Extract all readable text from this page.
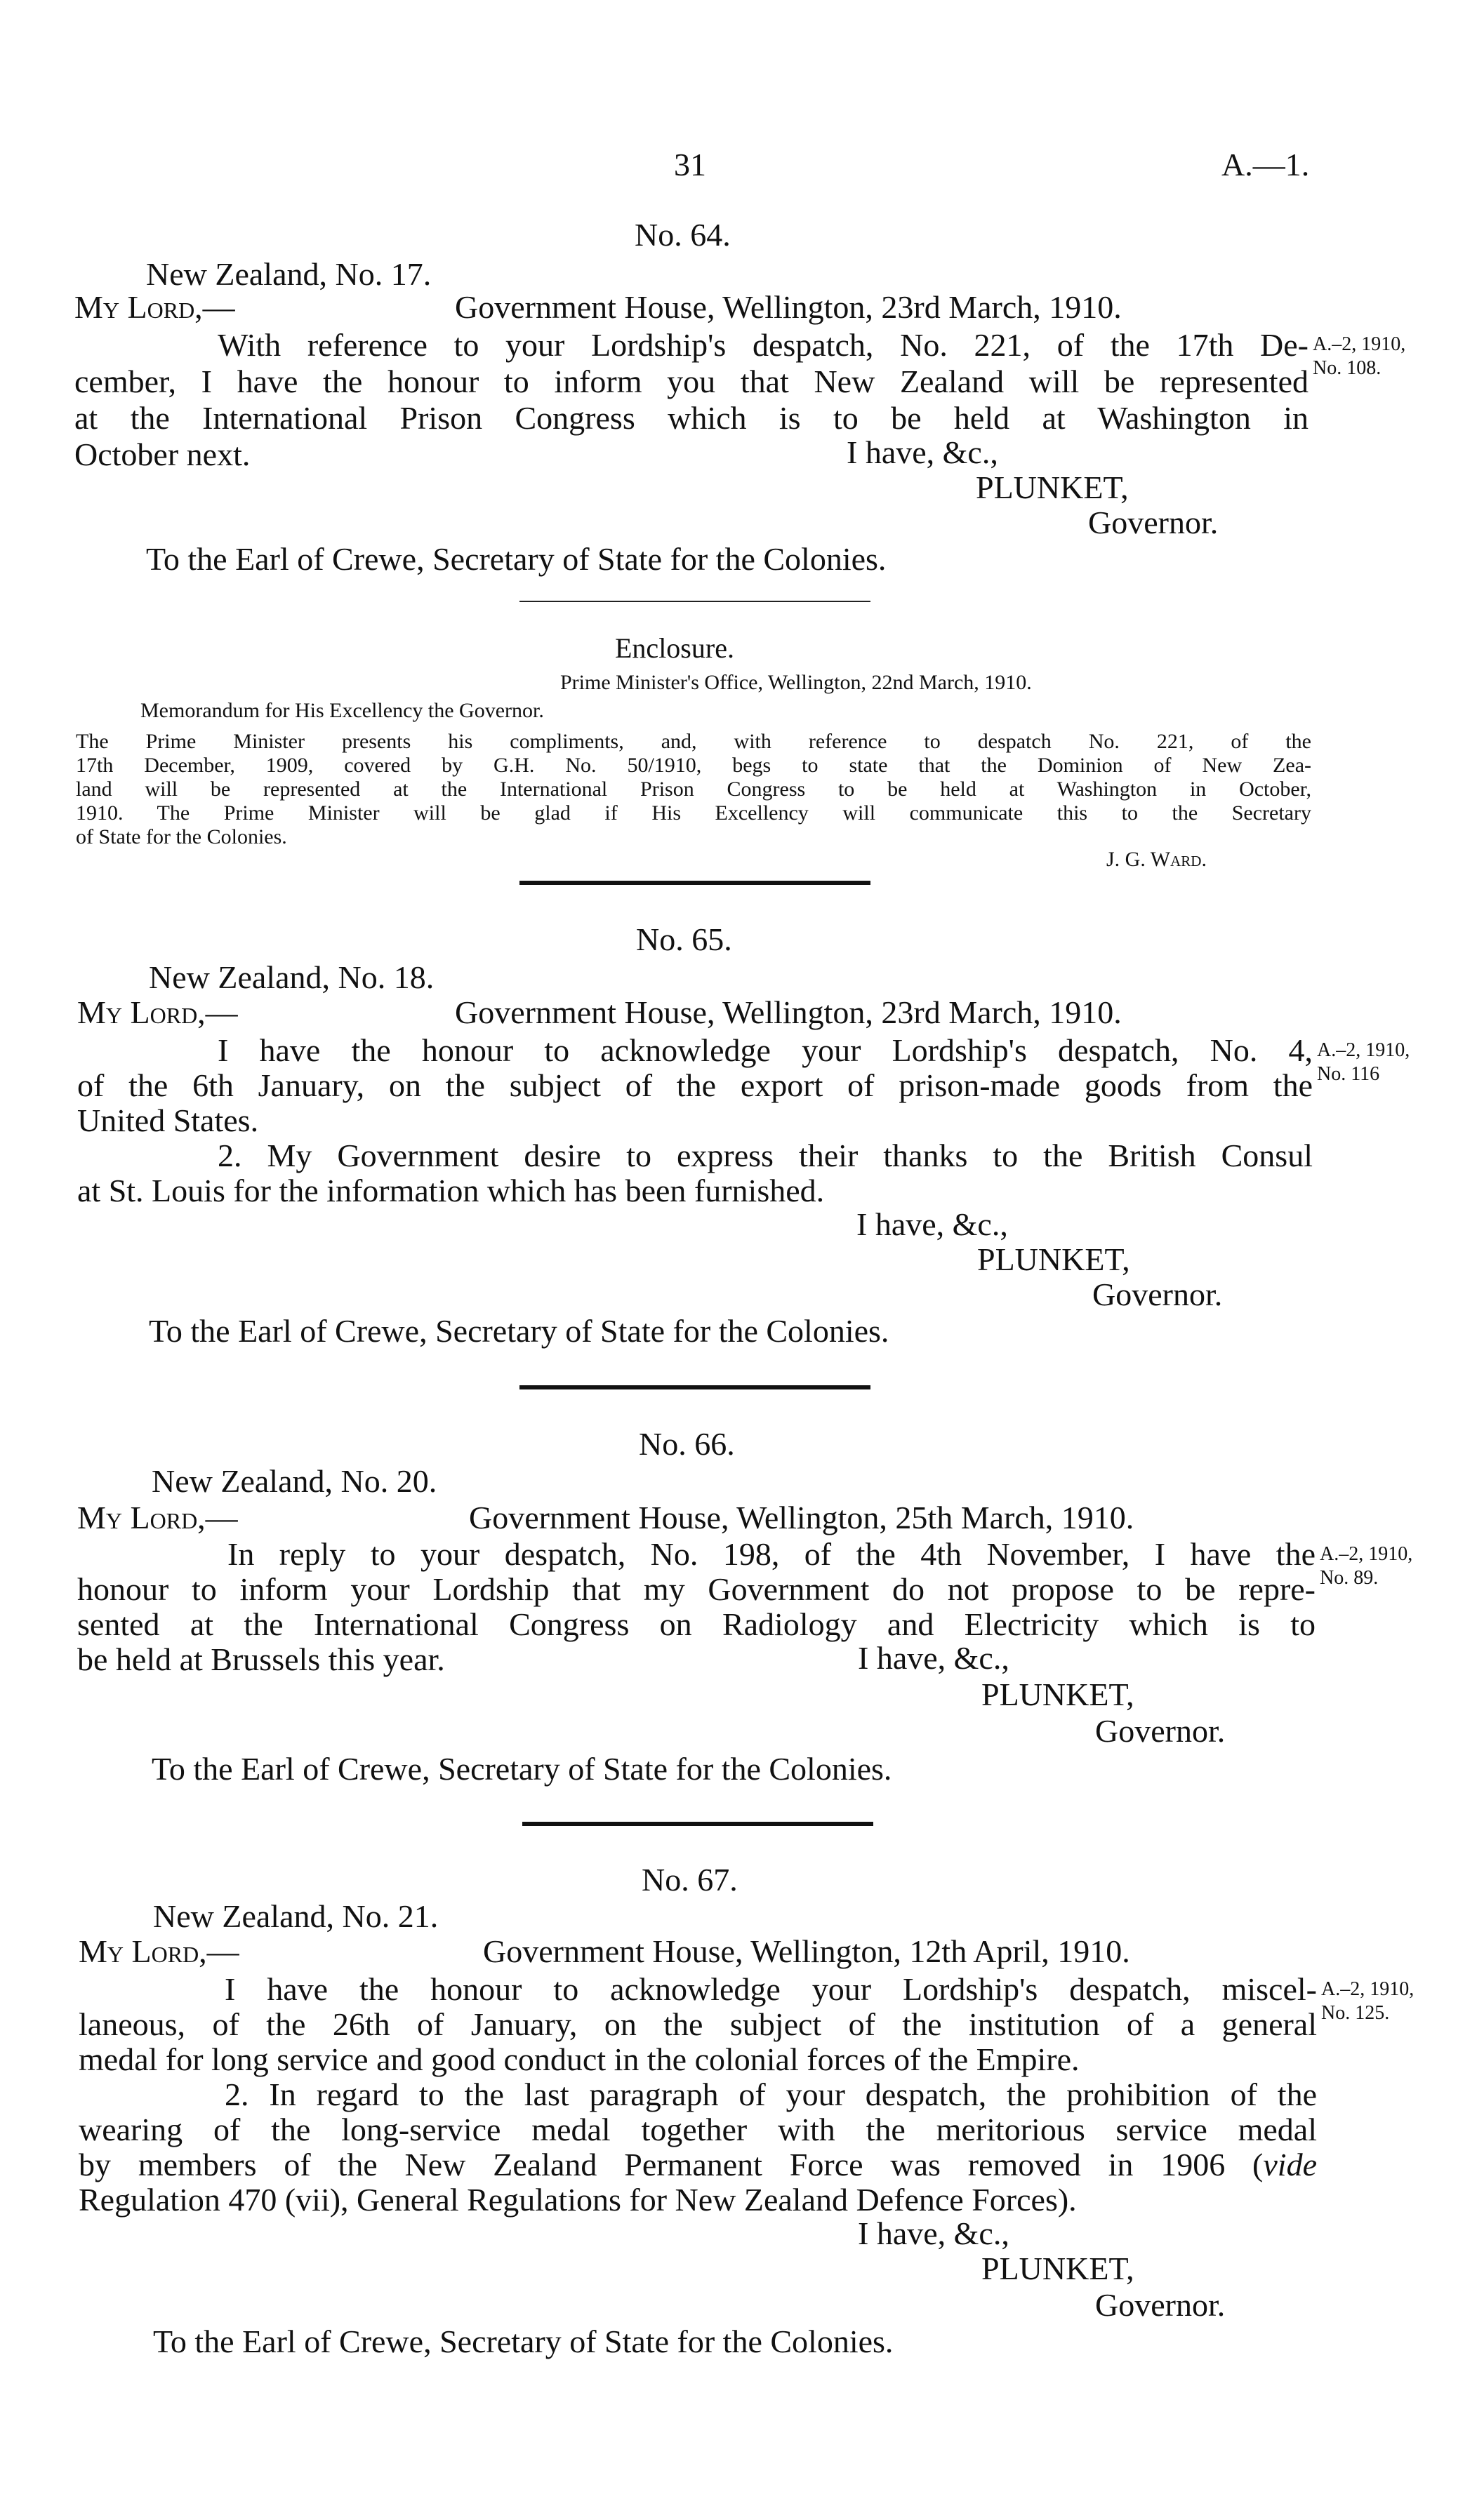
31	A.—1.
No. 64.
New Zealand, No. 17.
My Lord,—	Government House, Wellington, 23rd March, 1910.
With reference to your Lordship's despatch, No. 221, of the 17th De-
cember, I have the honour to inform you that New Zealand will be represented
at the International Prison Congress which is to be held at Washington in
October next.	I have, &c.,
PLUNKET,
Governor.
To the Earl of Crewe, Secretary of State for the Colonies.
A.–2, 1910,
No. 108.
Enclosure.
Prime Minister's Office, Wellington, 22nd March, 1910.
Memorandum for His Excellency the Governor.
The Prime Minister presents his compliments, and, with reference to despatch No. 221, of the
17th December, 1909, covered by G.H. No. 50/1910, begs to state that the Dominion of New Zea-
land will be represented at the International Prison Congress to be held at Washington in October,
1910. The Prime Minister will be glad if His Excellency will communicate this to the Secretary
of State for the Colonies.
J. G. Ward.
No. 65.
New Zealand, No. 18.
My Lord,—	Government House, Wellington, 23rd March, 1910.
I have the honour to acknowledge your Lordship's despatch, No. 4,
of the 6th January, on the subject of the export of prison-made goods from the
United States.
2. My Government desire to express their thanks to the British Consul
at St. Louis for the information which has been furnished.
I have, &c.,
PLUNKET,
Governor.
To the Earl of Crewe, Secretary of State for the Colonies.
A.–2, 1910,
No. 116
No. 66.
New Zealand, No. 20.
My Lord,—	Government House, Wellington, 25th March, 1910.
In reply to your despatch, No. 198, of the 4th November, I have the
honour to inform your Lordship that my Government do not propose to be repre-
sented at the International Congress on Radiology and Electricity which is to
be held at Brussels this year.	I have, &c.,
PLUNKET,
Governor.
To the Earl of Crewe, Secretary of State for the Colonies.
A.–2, 1910,
No. 89.
No. 67.
New Zealand, No. 21.
My Lord,—	Government House, Wellington, 12th April, 1910.
I have the honour to acknowledge your Lordship's despatch, miscel-
laneous, of the 26th of January, on the subject of the institution of a general
medal for long service and good conduct in the colonial forces of the Empire.
2. In regard to the last paragraph of your despatch, the prohibition of the
wearing of the long-service medal together with the meritorious service medal
by members of the New Zealand Permanent Force was removed in 1906 (vide
Regulation 470 (vii), General Regulations for New Zealand Defence Forces).
I have, &c.,
PLUNKET,
Governor.
To the Earl of Crewe, Secretary of State for the Colonies.
A.–2, 1910,
No. 125.
